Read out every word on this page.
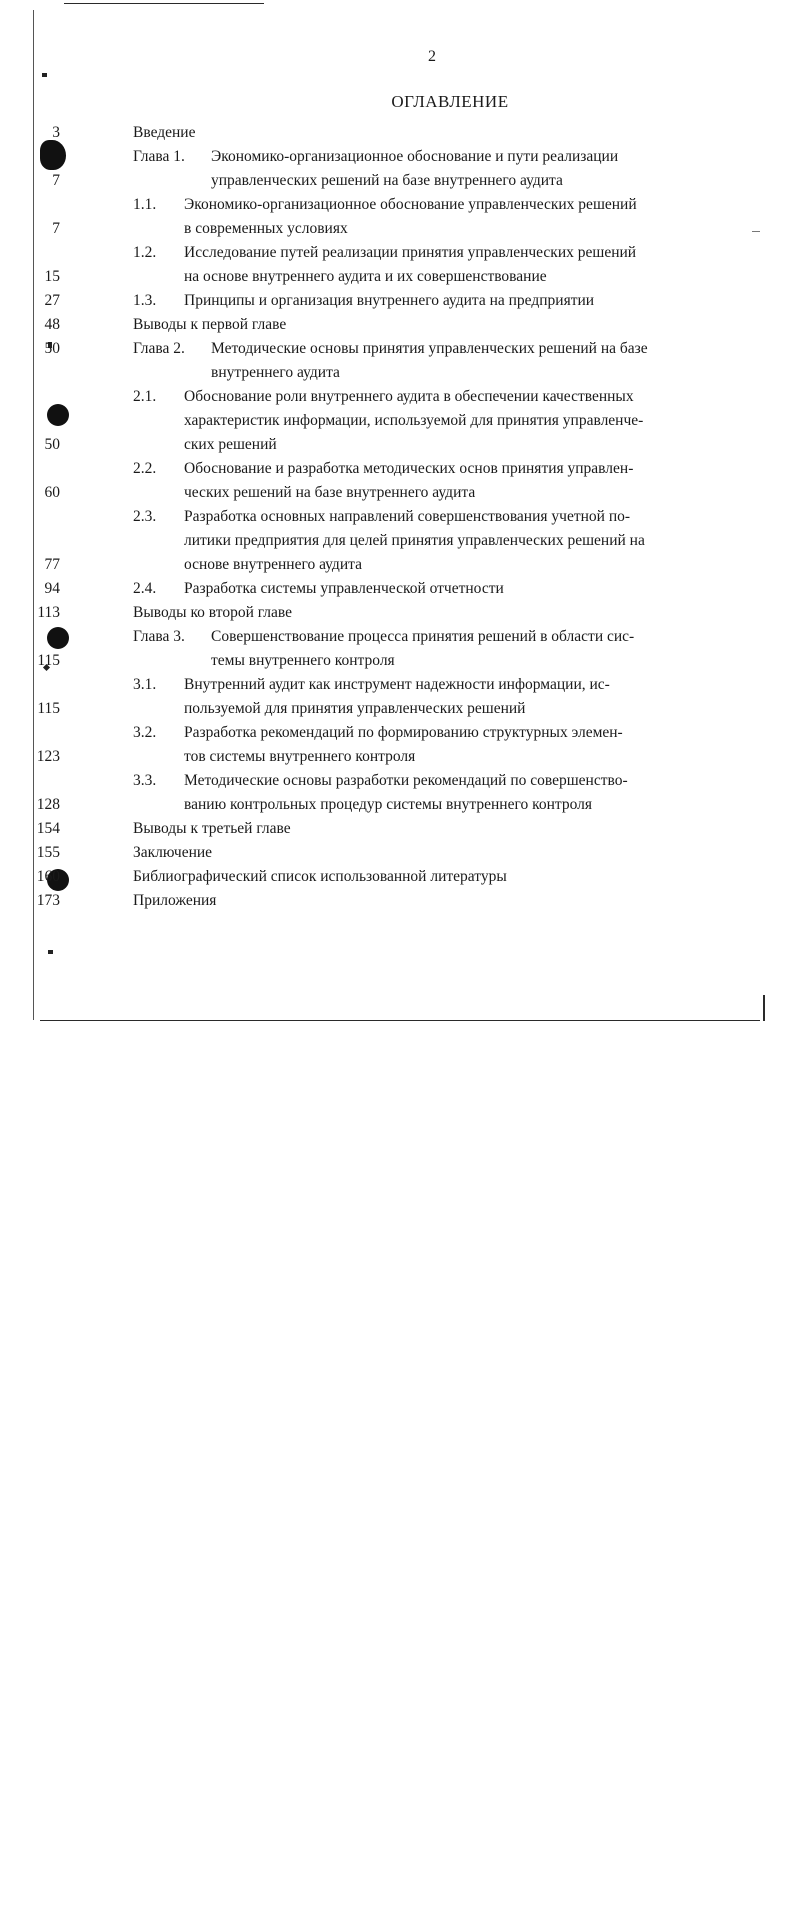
2
ОГЛАВЛЕНИЕ
Введение
3
Глава 1. Экономико-организационное обоснование и пути реализации
управленческих решений на базе внутреннего аудита
7
1.1. Экономико-организационное обоснование управленческих решений
в современных условиях
7
1.2. Исследование путей реализации принятия управленческих решений
на основе внутреннего аудита и их совершенствование
15
1.3. Принципы и организация внутреннего аудита на предприятии
27
Выводы к первой главе
48
Глава 2. Методические основы принятия управленческих решений на базе
внутреннего аудита
50
2.1. Обоснование роли внутреннего аудита в обеспечении качественных
характеристик информации, используемой для принятия управленче-
ских решений
50
2.2. Обоснование и разработка методических основ принятия управлен-
ческих решений на базе внутреннего аудита
60
2.3. Разработка основных направлений совершенствования учетной по-
литики предприятия для целей принятия управленческих решений на
основе внутреннего аудита
77
2.4. Разработка системы управленческой отчетности
94
Выводы ко второй главе
113
Глава 3. Совершенствование процесса принятия решений в области сис-
темы внутреннего контроля
115
3.1. Внутренний аудит как инструмент надежности информации, ис-
пользуемой для принятия управленческих решений
115
3.2. Разработка рекомендаций по формированию структурных элемен-
тов системы внутреннего контроля
123
3.3. Методические основы разработки рекомендаций по совершенство-
ванию контрольных процедур системы внутреннего контроля
128
Выводы к третьей главе
154
Заключение
155
Библиографический список использованной литературы
160
Приложения
173
